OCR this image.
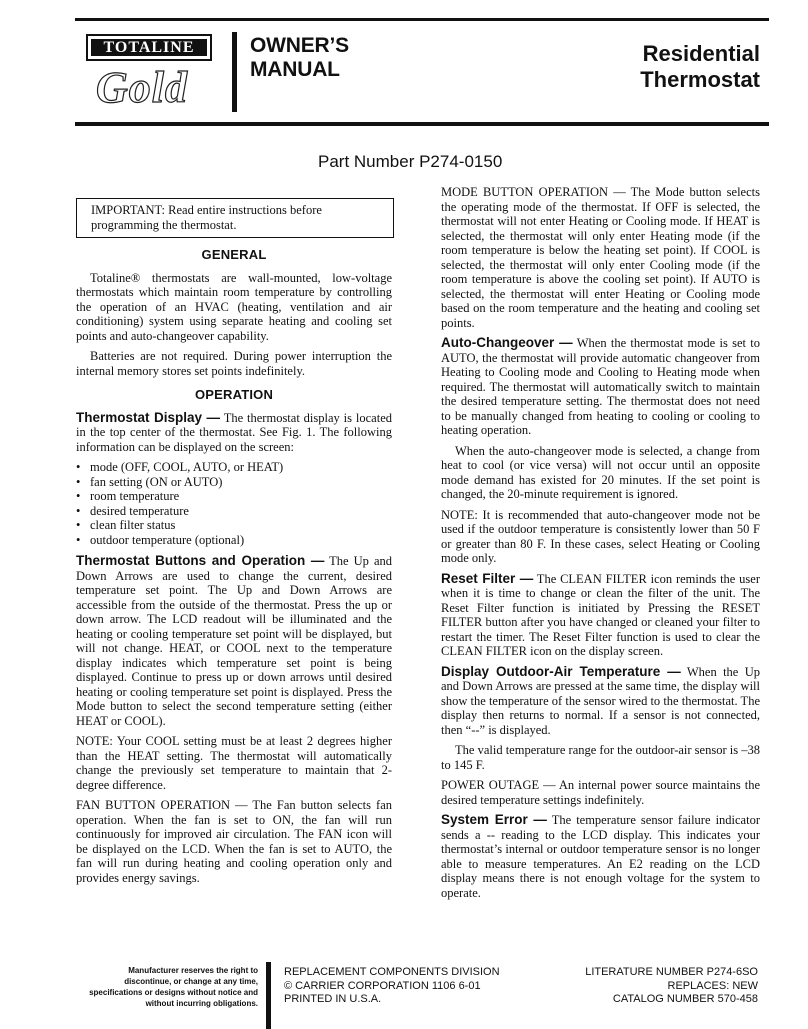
TOTALINE
Gold
OWNER’S
MANUAL
Residential
Thermostat
Part Number P274-0150
IMPORTANT: Read entire instructions before programming the thermostat.
GENERAL

Totaline® thermostats are wall-mounted, low-voltage thermostats which maintain room temperature by controlling the operation of an HVAC (heating, ventilation and air conditioning) system using separate heating and cooling set points and auto-changeover capability.

Batteries are not required. During power interruption the internal memory stores set points indefinitely.

OPERATION

Thermostat Display — The thermostat display is located in the top center of the thermostat. See Fig. 1. The following information can be displayed on the screen:

• mode (OFF, COOL, AUTO, or HEAT)
• fan setting (ON or AUTO)
• room temperature
• desired temperature
• clean filter status
• outdoor temperature (optional)

Thermostat Buttons and Operation — The Up and Down Arrows are used to change the current, desired temperature set point. The Up and Down Arrows are accessible from the outside of the thermostat. Press the up or down arrow. The LCD readout will be illuminated and the heating or cooling temperature set point will be displayed, but will not change. HEAT, or COOL next to the temperature display indicates which temperature set point is being displayed. Continue to press up or down arrows until desired heating or cooling temperature set point is displayed. Press the Mode button to select the second temperature setting (either HEAT or COOL).

NOTE: Your COOL setting must be at least 2 degrees higher than the HEAT setting. The thermostat will automatically change the previously set temperature to maintain that 2-degree difference.

FAN BUTTON OPERATION — The Fan button selects fan operation. When the fan is set to ON, the fan will run continuously for improved air circulation. The FAN icon will be displayed on the LCD. When the fan is set to AUTO, the fan will run during heating and cooling operation only and provides energy savings.

MODE BUTTON OPERATION — The Mode button selects the operating mode of the thermostat. If OFF is selected, the thermostat will not enter Heating or Cooling mode. If HEAT is selected, the thermostat will only enter Heating mode (if the room temperature is below the heating set point). If COOL is selected, the thermostat will only enter Cooling mode (if the room temperature is above the cooling set point). If AUTO is selected, the thermostat will enter Heating or Cooling mode based on the room temperature and the heating and cooling set points.

Auto-Changeover — When the thermostat mode is set to AUTO, the thermostat will provide automatic changeover from Heating to Cooling mode and Cooling to Heating mode when required. The thermostat will automatically switch to maintain the desired temperature setting. The thermostat does not need to be manually changed from heating to cooling or cooling to heating operation.

When the auto-changeover mode is selected, a change from heat to cool (or vice versa) will not occur until an opposite mode demand has existed for 20 minutes. If the set point is changed, the 20-minute requirement is ignored.

NOTE: It is recommended that auto-changeover mode not be used if the outdoor temperature is consistently lower than 50 F or greater than 80 F. In these cases, select Heating or Cooling mode only.

Reset Filter — The CLEAN FILTER icon reminds the user when it is time to change or clean the filter of the unit. The Reset Filter function is initiated by Pressing the RESET FILTER button after you have changed or cleaned your filter to restart the timer. The Reset Filter function is used to clear the CLEAN FILTER icon on the display screen.

Display Outdoor-Air Temperature — When the Up and Down Arrows are pressed at the same time, the display will show the temperature of the sensor wired to the thermostat. The display then returns to normal. If a sensor is not connected, then “--” is displayed.

The valid temperature range for the outdoor-air sensor is –38 to 145 F.

POWER OUTAGE — An internal power source maintains the desired temperature settings indefinitely.

System Error — The temperature sensor failure indicator sends a -- reading to the LCD display. This indicates your thermostat’s internal or outdoor temperature sensor is no longer able to measure temperatures. An E2 reading on the LCD display means there is not enough voltage for the system to operate.

Manufacturer reserves the right to discontinue, or change at any time, specifications or designs without notice and without incurring obligations.
REPLACEMENT COMPONENTS DIVISION
© CARRIER CORPORATION 1106 6-01
PRINTED IN U.S.A.
LITERATURE NUMBER P274-6SO
REPLACES: NEW
CATALOG NUMBER 570-458
